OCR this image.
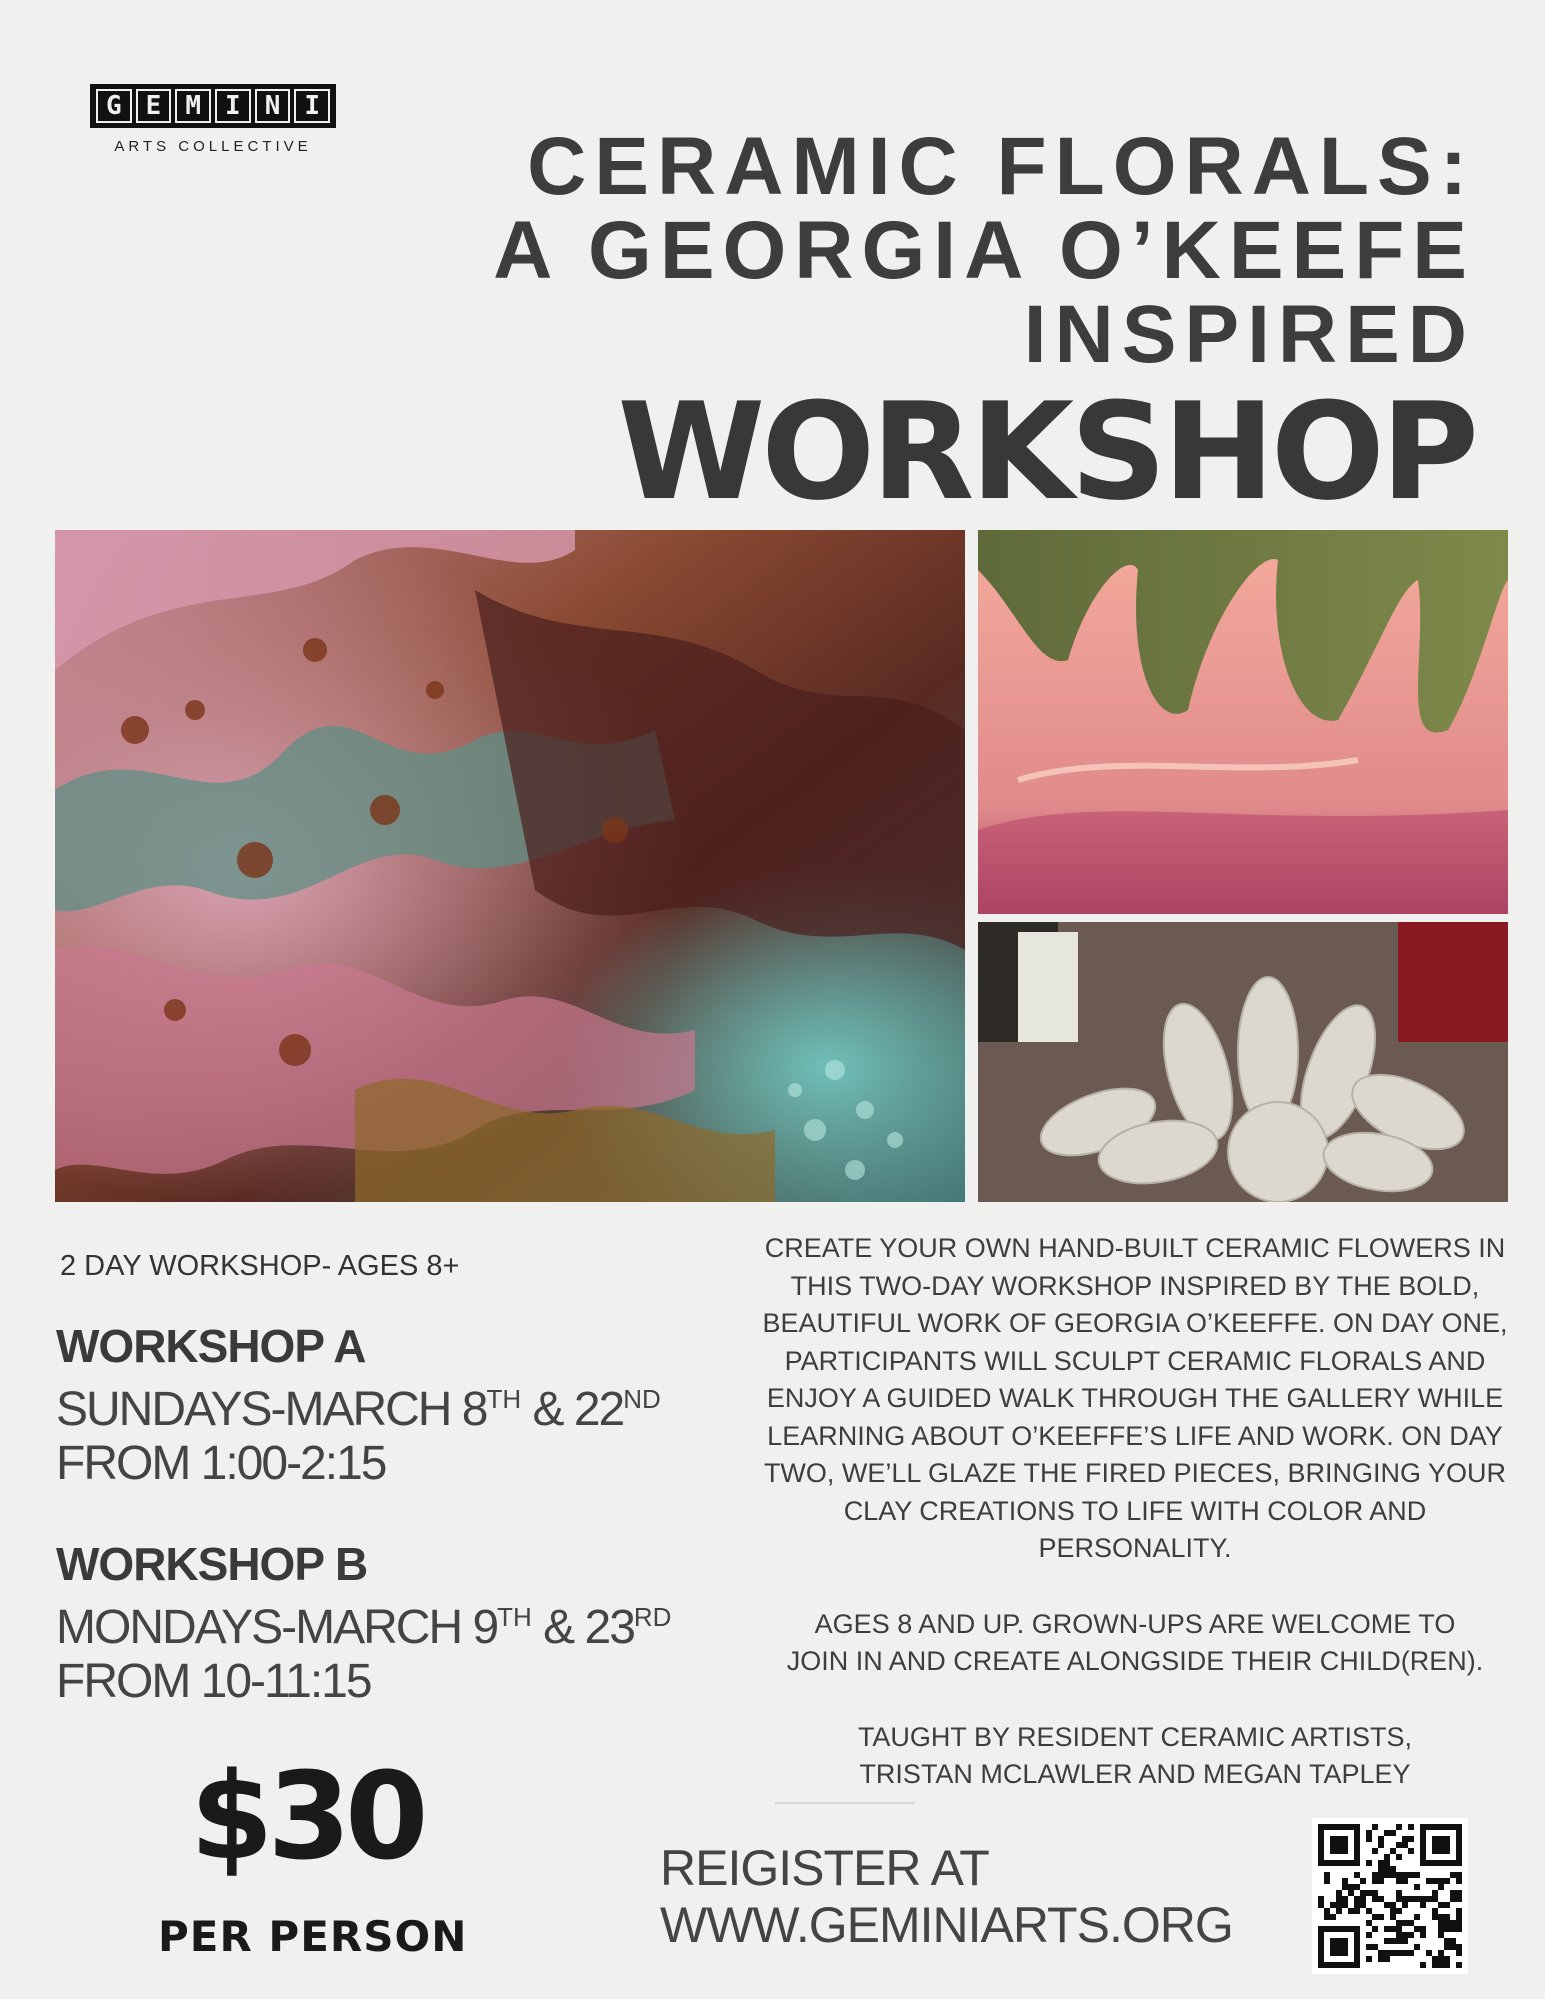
G E M I N I
ARTS COLLECTIVE	CERAMIC FLORALS:
A GEORGIA O’KEEFE
INSPIRED
WORKSHOP
2 DAY WORKSHOP- AGES 8+
WORKSHOP A
SUNDAYS-MARCH 8TH & 22ND
FROM 1:00-2:15
WORKSHOP B
MONDAYS-MARCH 9TH & 23RD
FROM 10-11:15
$30
PER PERSON

CREATE YOUR OWN HAND-BUILT CERAMIC FLOWERS IN THIS TWO-DAY WORKSHOP INSPIRED BY THE BOLD, BEAUTIFUL WORK OF GEORGIA O’KEEFFE. ON DAY ONE, PARTICIPANTS WILL SCULPT CERAMIC FLORALS AND ENJOY A GUIDED WALK THROUGH THE GALLERY WHILE LEARNING ABOUT O’KEEFFE’S LIFE AND WORK. ON DAY TWO, WE’LL GLAZE THE FIRED PIECES, BRINGING YOUR CLAY CREATIONS TO LIFE WITH COLOR AND PERSONALITY.

AGES 8 AND UP. GROWN-UPS ARE WELCOME TO

JOIN IN AND CREATE ALONGSIDE THEIR CHILD(REN).

TAUGHT BY RESIDENT CERAMIC ARTISTS,

TRISTAN MCLAWLER AND MEGAN TAPLEY

REIGISTER AT
WWW.GEMINIARTS.ORG
